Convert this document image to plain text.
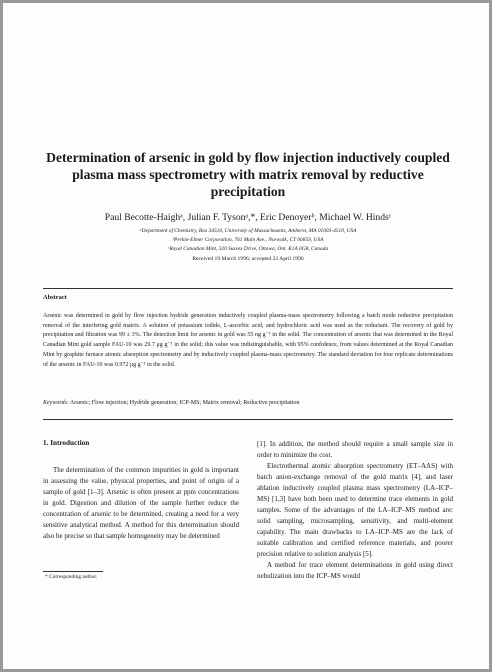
Determination of arsenic in gold by flow injection inductively coupled plasma mass spectrometry with matrix removal by reductive precipitation
Paul Becotte-Haighᵃ, Julian F. Tysonᵃ,*, Eric Denoyerᵇ, Michael W. Hindsᶜ
ᵃDepartment of Chemistry, Box 34510, University of Massachusetts, Amherst, MA 01003-4510, USA
ᵇPerkin-Elmer Corporation, 761 Main Ave., Norwalk, CT 06859, USA
ᶜRoyal Canadian Mint, 320 Sussex Drive, Ottawa, Ont. K1A 0G8, Canada
Received 19 March 1996; accepted 22 April 1996
Abstract
Arsenic was determined in gold by flow injection hydride generation inductively coupled plasma-mass spectrometry following a batch mode reductive precipitation removal of the interfering gold matrix. A solution of potassium iodide, L-ascorbic acid, and hydrochloric acid was used as the reductant. The recovery of gold by precipitation and filtration was 99 ± 3%. The detection limit for arsenic in gold was 55 ng g⁻¹ in the solid. The concentration of arsenic that was determined in the Royal Canadian Mint gold sample FAU-10 was 29.7 μg g⁻¹ in the solid; this value was indistinguishable, with 95% confidence, from values determined at the Royal Canadian Mint by graphite furnace atomic absorption spectrometry and by inductively coupled plasma-mass spectrometry. The standard deviation for four replicate determinations of the arsenic in FAU-10 was 0.972 μg g⁻¹ in the solid.
Keywords: Arsenic; Flow injection; Hydride generation; ICP-MS; Matrix removal; Reductive precipitation
1. Introduction

The determination of the common impurities in gold is important in assessing the value, physical properties, and point of origin of a sample of gold [1–3]. Arsenic is often present at ppm concentrations in gold. Digestion and dilution of the sample further reduce the concentration of arsenic to be determined, creating a need for a very sensitive analytical method. A method for this determination should also be precise so that sample homogeneity may be determined

[1]. In addition, the method should require a small sample size in order to minimize the cost.

Electrothermal atomic absorption spectrometry (ET–AAS) with batch anion-exchange removal of the gold matrix [4], and laser ablation inductively coupled plasma mass spectrometry (LA–ICP–MS) [1,3] have both been used to determine trace elements in gold samples. Some of the advantages of the LA–ICP–MS method are: solid sampling, microsampling, sensitivity, and multi-element capability. The main drawbacks to LA–ICP–MS are the lack of suitable calibration and certified reference materials, and poorer precision relative to solution analysis [5].

A method for trace element determinations in gold using direct nebulization into the ICP–MS would

* Corresponding author.
